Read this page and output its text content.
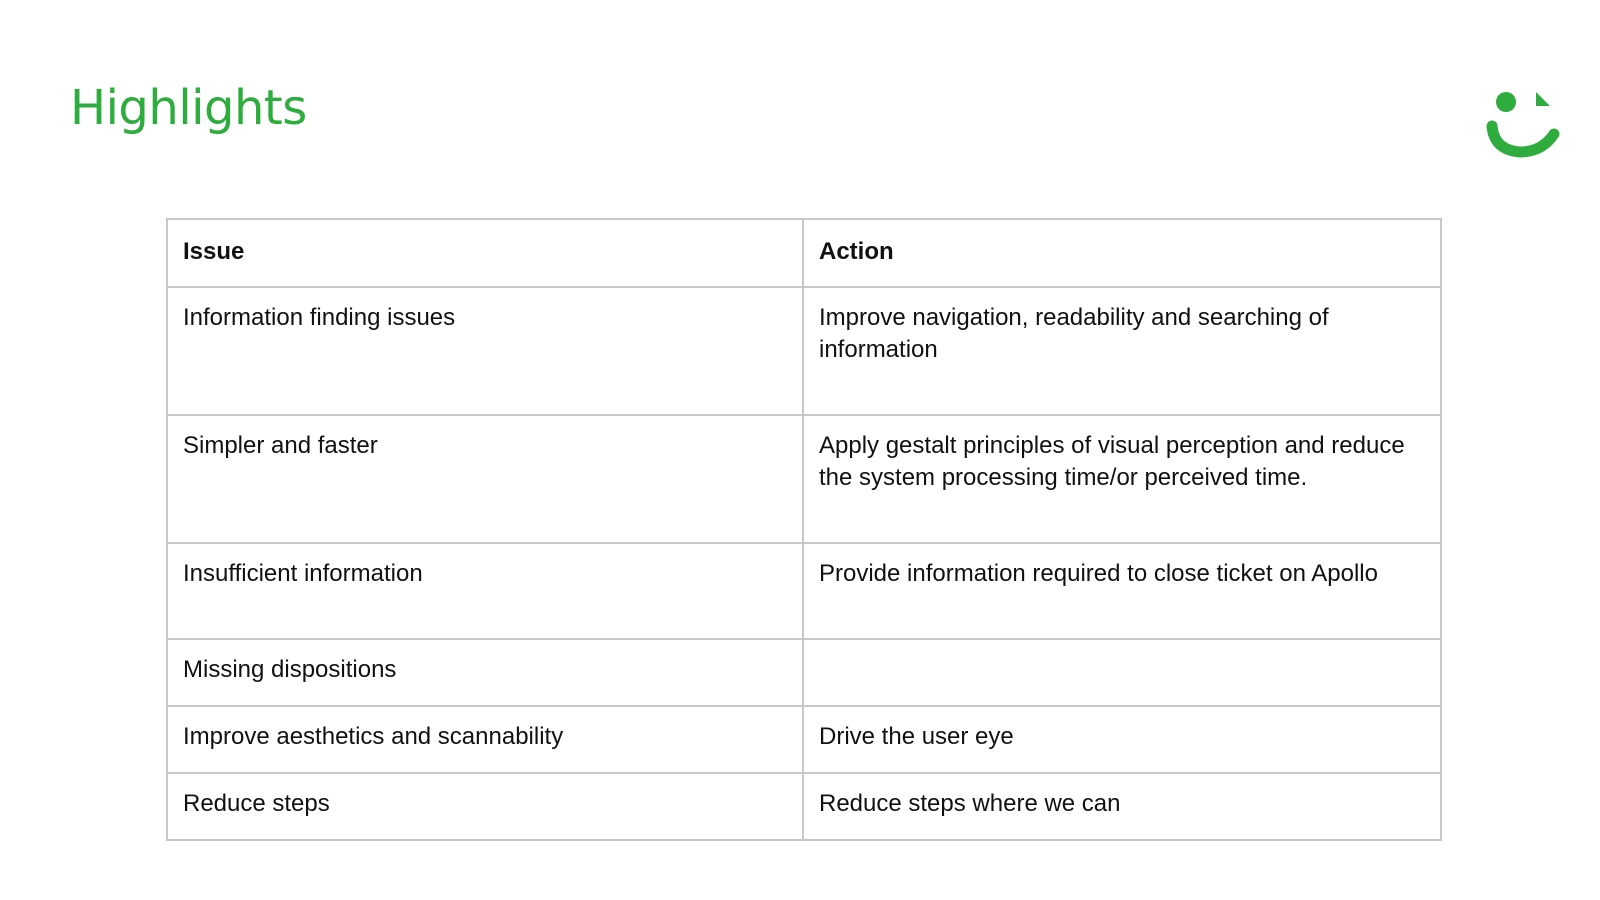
Highlights
Issue	Action
Information finding issues	Improve navigation, readability and searching of information
Simpler and faster	Apply gestalt principles of visual perception and reduce the system processing time/or perceived time.
Insufficient information	Provide information required to close ticket on Apollo
Missing dispositions	
Improve aesthetics and scannability	Drive the user eye
Reduce steps	Reduce steps where we can
